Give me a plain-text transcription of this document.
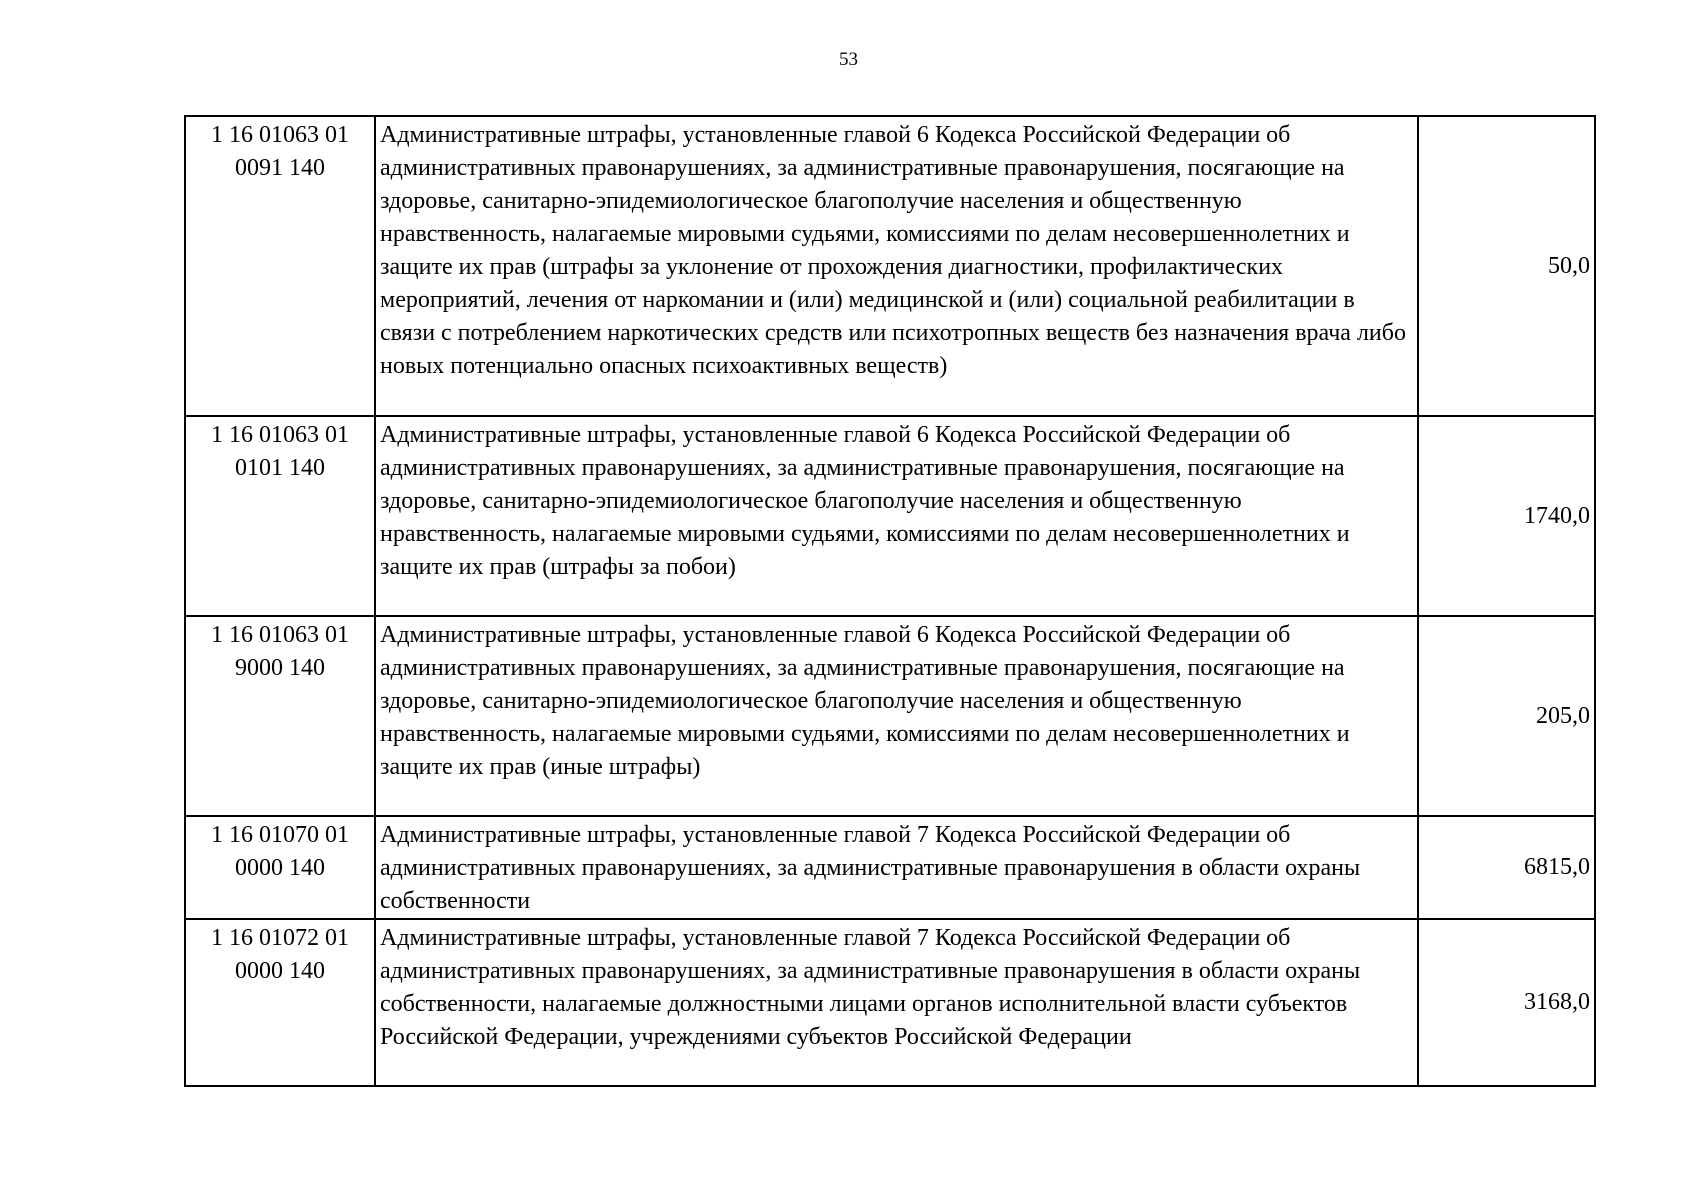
53
1 16 01063 01
0091 140	Административные штрафы, установленные главой 6 Кодекса Российской Федерации об административных правонарушениях, за административные правонарушения, посягающие на здоровье, санитарно-эпидемиологическое благополучие населения и общественную нравственность, налагаемые мировыми судьями, комиссиями по делам несовершеннолетних и защите их прав (штрафы за уклонение от прохождения диагностики, профилактических мероприятий, лечения от наркомании и (или) медицинской и (или) социальной реабилитации в связи с потреблением наркотических средств или психотропных веществ без назначения врача либо новых потенциально опасных психоактивных веществ)	50,0

1 16 01063 01
0101 140	Административные штрафы, установленные главой 6 Кодекса Российской Федерации об административных правонарушениях, за административные правонарушения, посягающие на здоровье, санитарно-эпидемиологическое благополучие населения и общественную нравственность, налагаемые мировыми судьями, комиссиями по делам несовершеннолетних и защите их прав (штрафы за побои)	1740,0

1 16 01063 01
9000 140	Административные штрафы, установленные главой 6 Кодекса Российской Федерации об административных правонарушениях, за административные правонарушения, посягающие на здоровье, санитарно-эпидемиологическое благополучие населения и общественную нравственность, налагаемые мировыми судьями, комиссиями по делам несовершеннолетних и защите их прав (иные штрафы)	205,0

1 16 01070 01
0000 140	Административные штрафы, установленные главой 7 Кодекса Российской Федерации об административных правонарушениях, за административные правонарушения в области охраны собственности	6815,0

1 16 01072 01
0000 140	Административные штрафы, установленные главой 7 Кодекса Российской Федерации об административных правонарушениях, за административные правонарушения в области охраны собственности, налагаемые должностными лицами органов исполнительной власти субъектов Российской Федерации, учреждениями субъектов Российской Федерации	3168,0
